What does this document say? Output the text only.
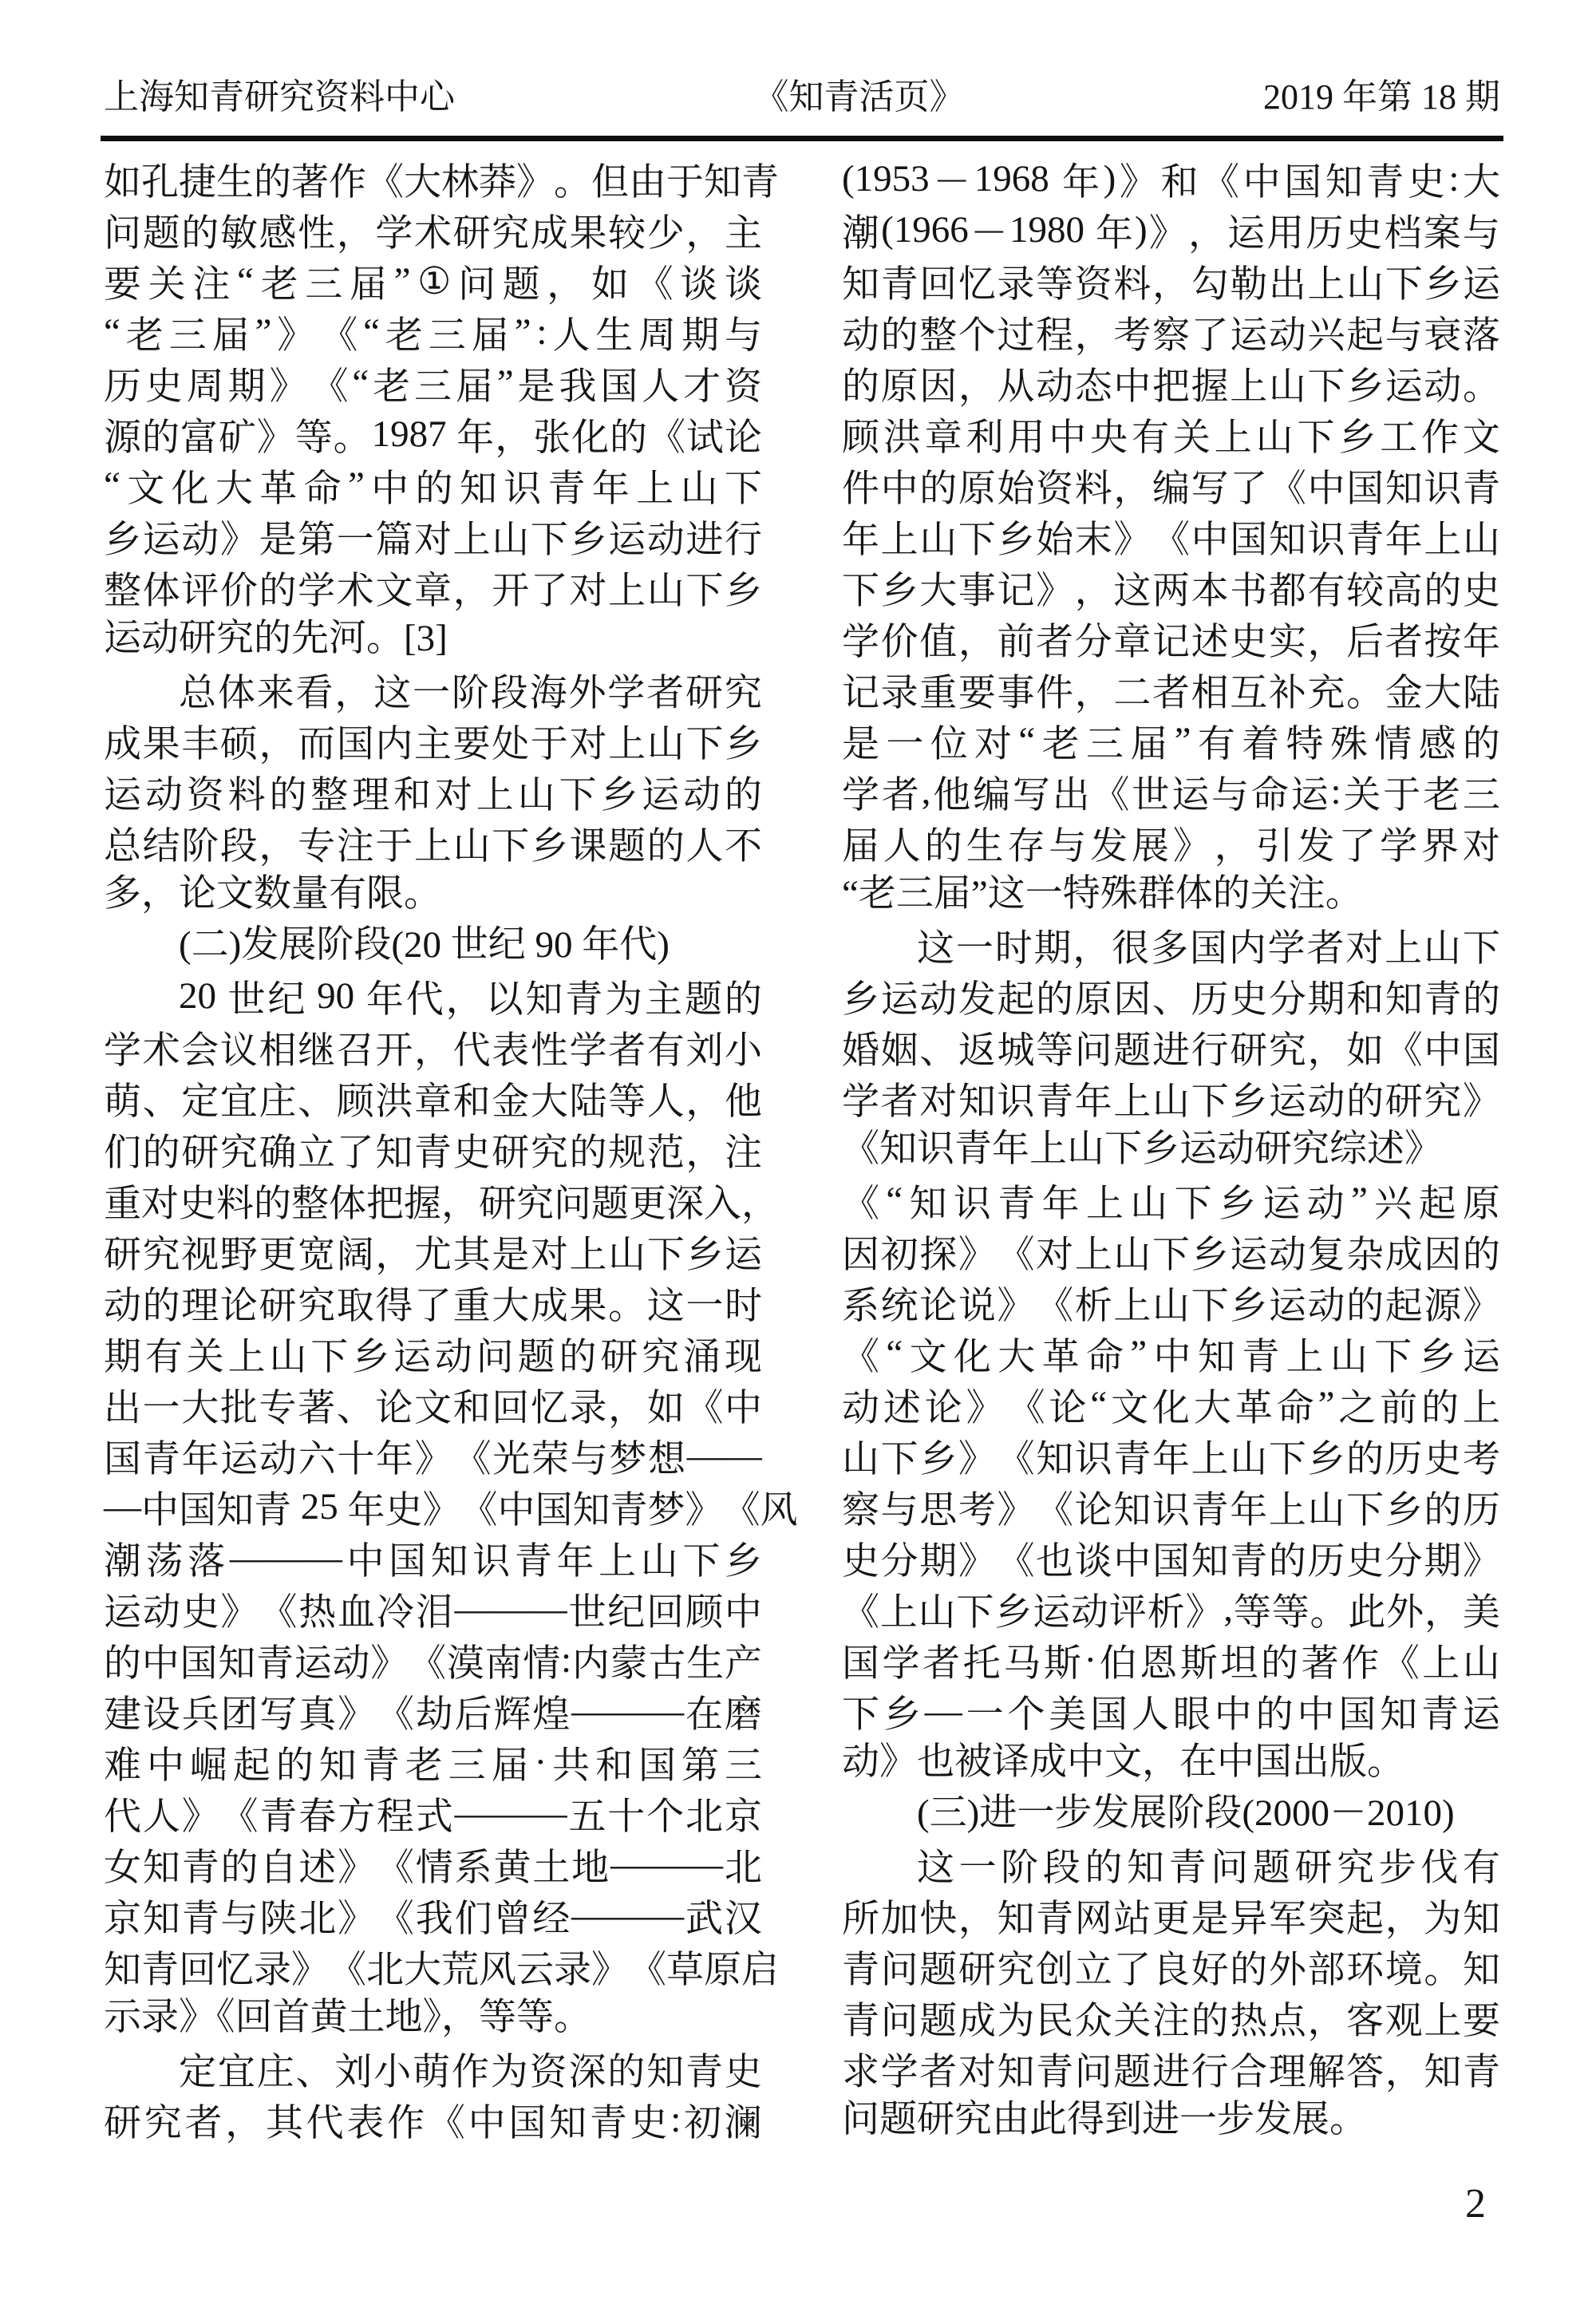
上海知青研究资料中心	《知青活页》	2019 年第 18 期
如 孔 捷 生 的 著 作 《 大 林 莽 》 。 但 由 于 知 青
问 题 的 敏 感 性 ， 学 术 研 究 成 果 较 少 ， 主
要 关 注 “ 老 三 届 ” ① 问 题 ， 如 《 谈 谈
“ 老 三 届 ” 》 《 “ 老 三 届 ” : 人 生 周 期 与
历 史 周 期 》 《 “ 老 三 届 ” 是 我 国 人 才 资
源 的 富 矿 》 等 。 1987 年 ， 张 化 的 《 试 论
“ 文 化 大 革 命 ” 中 的 知 识 青 年 上 山 下
乡 运 动 》 是 第 一 篇 对 上 山 下 乡 运 动 进 行
整 体 评 价 的 学 术 文 章 ， 开 了 对 上 山 下 乡
运动研究的先河。[3]
总 体 来 看 ， 这 一 阶 段 海 外 学 者 研 究
成 果 丰 硕 ， 而 国 内 主 要 处 于 对 上 山 下 乡
运 动 资 料 的 整 理 和 对 上 山 下 乡 运 动 的
总 结 阶 段 ， 专 注 于 上 山 下 乡 课 题 的 人 不
多，论文数量有限。
(二)发展阶段(20 世纪 90 年代)
20 世 纪 90 年 代 ， 以 知 青 为 主 题 的
学 术 会 议 相 继 召 开 ， 代 表 性 学 者 有 刘 小
萌 、 定 宜 庄 、 顾 洪 章 和 金 大 陆 等 人 ， 他
们 的 研 究 确 立 了 知 青 史 研 究 的 规 范 ， 注
重 对 史 料 的 整 体 把 握 ， 研 究 问 题 更 深 入 ，
研 究 视 野 更 宽 阔 ， 尤 其 是 对 上 山 下 乡 运
动 的 理 论 研 究 取 得 了 重 大 成 果 。 这 一 时
期 有 关 上 山 下 乡 运 动 问 题 的 研 究 涌 现
出 一 大 批 专 著 、 论 文 和 回 忆 录 ， 如 《 中
国 青 年 运 动 六 十 年 》 《 光 荣 与 梦 想 ——
— 中 国 知 青 25 年 史 》 《 中 国 知 青 梦 》 《 风
潮 荡 落 ——— 中 国 知 识 青 年 上 山 下 乡
运 动 史 》 《 热 血 冷 泪 ——— 世 纪 回 顾 中
的 中 国 知 青 运 动 》 《 漠 南 情 : 内 蒙 古 生 产
建 设 兵 团 写 真 》 《 劫 后 辉 煌 ——— 在 磨
难 中 崛 起 的 知 青 老 三 届 · 共 和 国 第 三
代 人 》 《 青 春 方 程 式 ——— 五 十 个 北 京
女 知 青 的 自 述 》 《 情 系 黄 土 地 ——— 北
京 知 青 与 陕 北 》 《 我 们 曾 经 ——— 武 汉
知 青 回 忆 录 》 《 北 大 荒 风 云 录 》 《 草 原 启
示录》《回首黄土地》，等等。
定 宜 庄 、 刘 小 萌 作 为 资 深 的 知 青 史
研 究 者 ， 其 代 表 作 《 中 国 知 青 史 : 初 澜
(1953 － 1968 年 ) 》 和 《 中 国 知 青 史 : 大
潮 (1966 － 1980 年 ) 》 ， 运 用 历 史 档 案 与
知 青 回 忆 录 等 资 料 ， 勾 勒 出 上 山 下 乡 运
动 的 整 个 过 程 ， 考 察 了 运 动 兴 起 与 衰 落
的 原 因 ， 从 动 态 中 把 握 上 山 下 乡 运 动 。
顾 洪 章 利 用 中 央 有 关 上 山 下 乡 工 作 文
件 中 的 原 始 资 料 ， 编 写 了 《 中 国 知 识 青
年 上 山 下 乡 始 末 》 《 中 国 知 识 青 年 上 山
下 乡 大 事 记 》 ， 这 两 本 书 都 有 较 高 的 史
学 价 值 ， 前 者 分 章 记 述 史 实 ， 后 者 按 年
记 录 重 要 事 件 ， 二 者 相 互 补 充 。 金 大 陆
是 一 位 对 “ 老 三 届 ” 有 着 特 殊 情 感 的
学 者 , 他 编 写 出 《 世 运 与 命 运 : 关 于 老 三
届 人 的 生 存 与 发 展 》 ， 引 发 了 学 界 对
“老三届”这一特殊群体的关注。
这 一 时 期 ， 很 多 国 内 学 者 对 上 山 下
乡 运 动 发 起 的 原 因 、 历 史 分 期 和 知 青 的
婚 姻 、 返 城 等 问 题 进 行 研 究 ， 如 《 中 国
学 者 对 知 识 青 年 上 山 下 乡 运 动 的 研 究 》
《知识青年上山下乡运动研究综述》
《 “ 知 识 青 年 上 山 下 乡 运 动 ” 兴 起 原
因 初 探 》 《 对 上 山 下 乡 运 动 复 杂 成 因 的
系 统 论 说 》 《 析 上 山 下 乡 运 动 的 起 源 》
《 “ 文 化 大 革 命 ” 中 知 青 上 山 下 乡 运
动 述 论 》 《 论 “ 文 化 大 革 命 ” 之 前 的 上
山 下 乡 》 《 知 识 青 年 上 山 下 乡 的 历 史 考
察 与 思 考 》 《 论 知 识 青 年 上 山 下 乡 的 历
史 分 期 》 《 也 谈 中 国 知 青 的 历 史 分 期 》
《 上 山 下 乡 运 动 评 析 》 , 等 等 。 此 外 ， 美
国 学 者 托 马 斯 · 伯 恩 斯 坦 的 著 作 《 上 山
下 乡 — 一 个 美 国 人 眼 中 的 中 国 知 青 运
动》也被译成中文，在中国出版。
(三)进一步发展阶段(2000－2010)
这 一 阶 段 的 知 青 问 题 研 究 步 伐 有
所 加 快 ， 知 青 网 站 更 是 异 军 突 起 ， 为 知
青 问 题 研 究 创 立 了 良 好 的 外 部 环 境 。 知
青 问 题 成 为 民 众 关 注 的 热 点 ， 客 观 上 要
求 学 者 对 知 青 问 题 进 行 合 理 解 答 ， 知 青
问题研究由此得到进一步发展。
2
